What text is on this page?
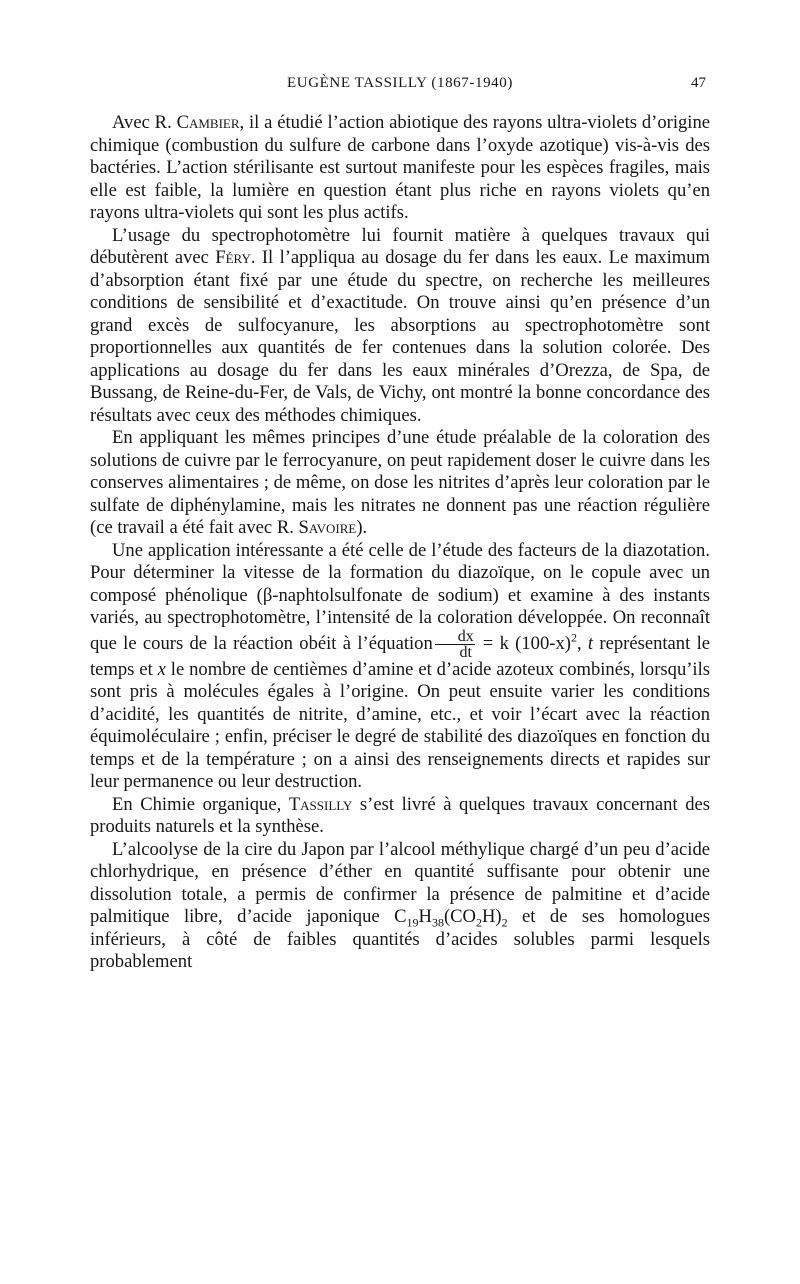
EUGÈNE TASSILLY (1867-1940)	47

Avec R. Cambier, il a étudié l’action abiotique des rayons ultra-violets d’origine chimique (combustion du sulfure de carbone dans l’oxyde azotique) vis-à-vis des bactéries. L’action stérilisante est surtout manifeste pour les espèces fragiles, mais elle est faible, la lumière en question étant plus riche en rayons violets qu’en rayons ultra-violets qui sont les plus actifs.

L’usage du spectrophotomètre lui fournit matière à quelques travaux qui débutèrent avec Féry. Il l’appliqua au dosage du fer dans les eaux. Le maximum d’absorption étant fixé par une étude du spectre, on recherche les meilleures conditions de sensibilité et d’exactitude. On trouve ainsi qu’en présence d’un grand excès de sulfocyanure, les absorptions au spectrophotomètre sont proportionnelles aux quantités de fer contenues dans la solution colorée. Des applications au dosage du fer dans les eaux minérales d’Orezza, de Spa, de Bussang, de Reine-du-Fer, de Vals, de Vichy, ont montré la bonne concordance des résultats avec ceux des méthodes chimiques.

En appliquant les mêmes principes d’une étude préalable de la coloration des solutions de cuivre par le ferrocyanure, on peut rapidement doser le cuivre dans les conserves alimentaires ; de même, on dose les nitrites d’après leur coloration par le sulfate de diphénylamine, mais les nitrates ne donnent pas une réaction régulière (ce travail a été fait avec R. Savoire).

Une application intéressante a été celle de l’étude des facteurs de la diazotation. Pour déterminer la vitesse de la formation du diazoïque, on le copule avec un composé phénolique (β-naphtolsulfonate de sodium) et examine à des instants variés, au spectrophotomètre, l’intensité de la coloration développée. On reconnaît que le cours de la réaction obéit à l’équation $\frac{dx}{dt} = k$ $(100-x)^2$, t représentant le temps et x le nombre de centièmes d’amine et d’acide azoteux combinés, lorsqu’ils sont pris à molécules égales à l’origine. On peut ensuite varier les conditions d’acidité, les quantités de nitrite, d’amine, etc., et voir l’écart avec la réaction équimoléculaire ; enfin, préciser le degré de stabilité des diazoïques en fonction du temps et de la température ; on a ainsi des renseignements directs et rapides sur leur permanence ou leur destruction.

En Chimie organique, Tassilly s’est livré à quelques travaux concernant des produits naturels et la synthèse.

L’alcoolyse de la cire du Japon par l’alcool méthylique chargé d’un peu d’acide chlorhydrique, en présence d’éther en quantité suffisante pour obtenir une dissolution totale, a permis de confirmer la présence de palmitine et d’acide palmitique libre, d’acide japonique $C_{19}H_{38}(CO_2H)_2$ et de ses homologues inférieurs, à côté de faibles quantités d’acides solubles parmi lesquels probablement
